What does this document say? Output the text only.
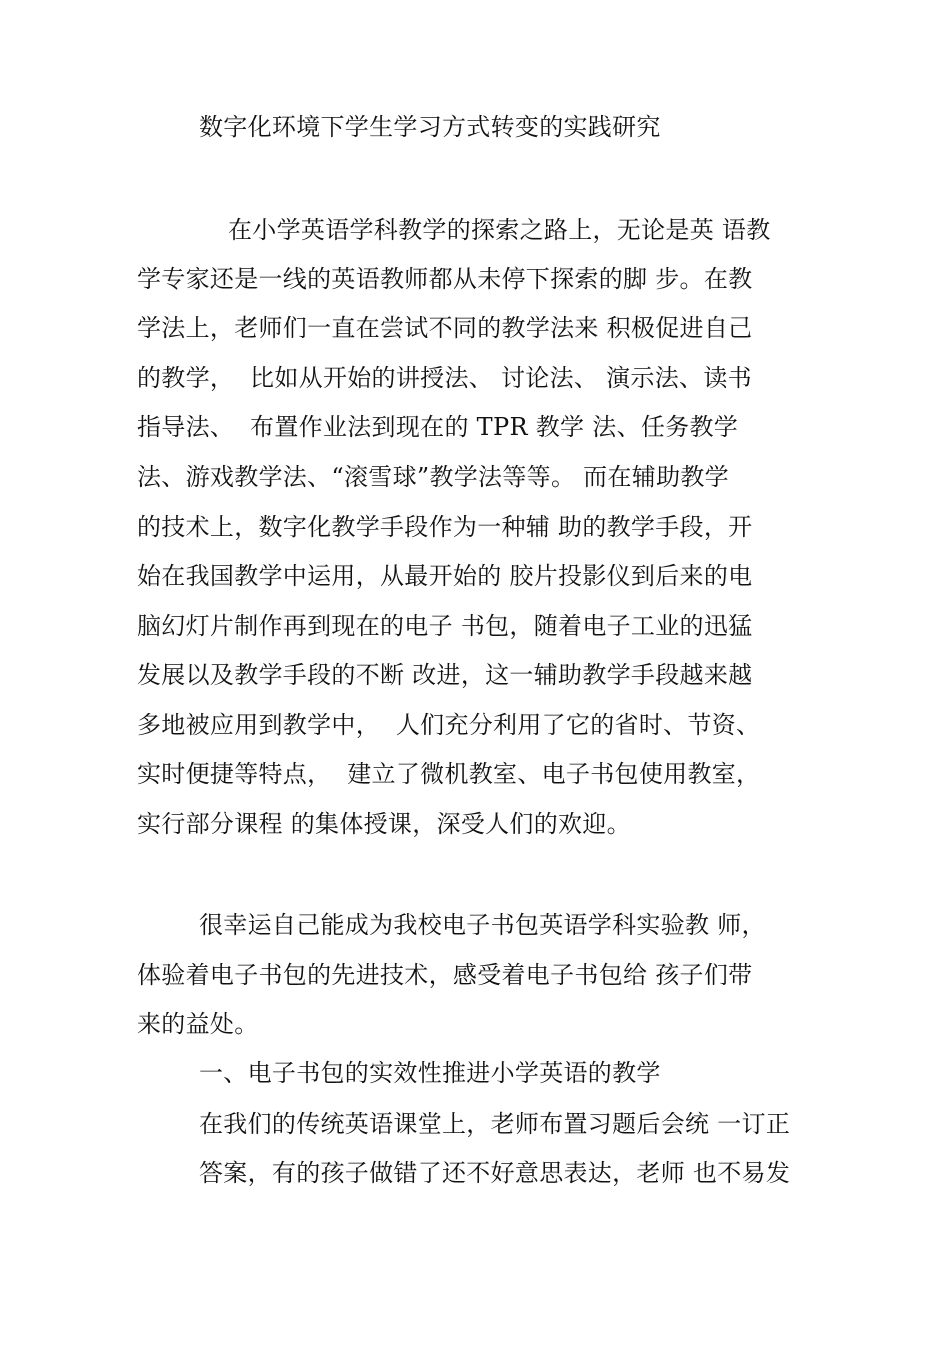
数字化环境下学生学习方式转变的实践研究
在小学英语学科教学的探索之路上，无论是英 语教
学专家还是一线的英语教师都从未停下探索的脚 步。在教
学法上，老师们一直在尝试不同的教学法来 积极促进自己
的教学，  比如从开始的讲授法、 讨论法、 演示法、读书
指导法、  布置作业法到现在的 TPR 教学 法、任务教学
法、游戏教学法、“滚雪球”教学法等等。 而在辅助教学
的技术上，数字化教学手段作为一种辅 助的教学手段，开
始在我国教学中运用，从最开始的 胶片投影仪到后来的电
脑幻灯片制作再到现在的电子 书包，随着电子工业的迅猛
发展以及教学手段的不断 改进，这一辅助教学手段越来越
多地被应用到教学中，  人们充分利用了它的省时、节资、
实时便捷等特点，  建立了微机教室、电子书包使用教室，
实行部分课程 的集体授课，深受人们的欢迎。
很幸运自己能成为我校电子书包英语学科实验教 师，
体验着电子书包的先进技术，感受着电子书包给 孩子们带
来的益处。
一、电子书包的实效性推进小学英语的教学
在我们的传统英语课堂上，老师布置习题后会统 一订正
答案，有的孩子做错了还不好意思表达，老师 也不易发
